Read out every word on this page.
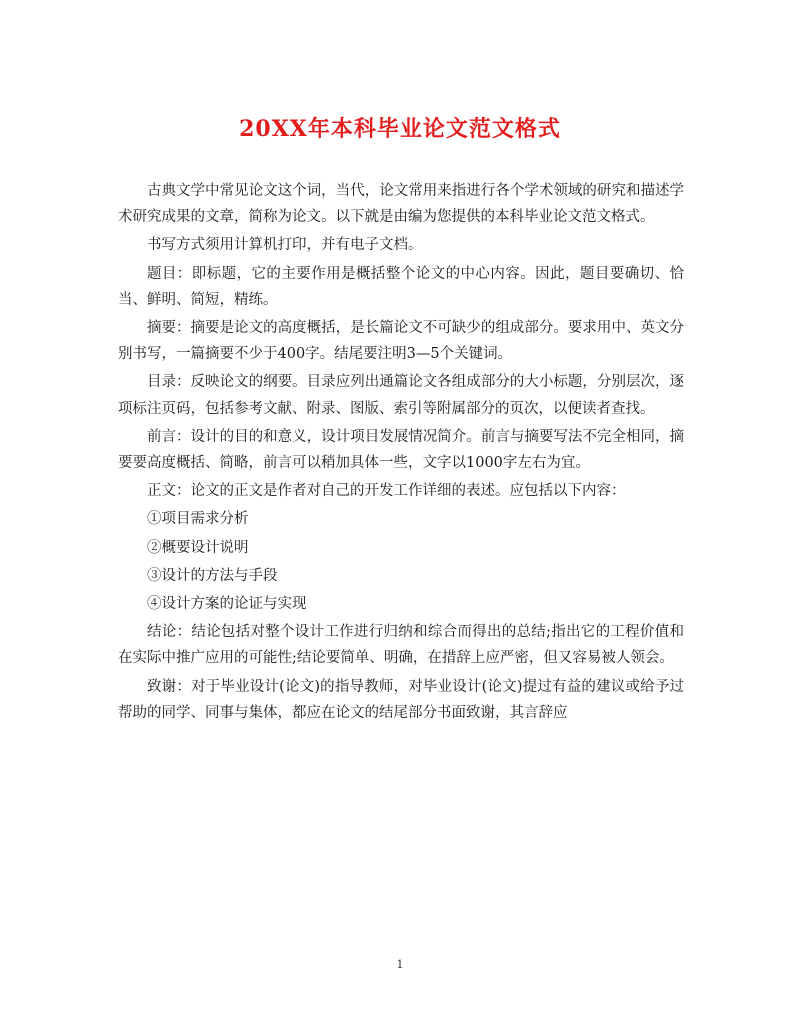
20XX年本科毕业论文范文格式

古典文学中常见论文这个词，当代，论文常用来指进行各个学术领域的研究和描述学术研究成果的文章，简称为论文。以下就是由编为您提供的本科毕业论文范文格式。

书写方式须用计算机打印，并有电子文档。

题目：即标题，它的主要作用是概括整个论文的中心内容。因此，题目要确切、恰当、鲜明、简短，精练。

摘要：摘要是论文的高度概括，是长篇论文不可缺少的组成部分。要求用中、英文分别书写，一篇摘要不少于400字。结尾要注明3—5个关键词。

目录：反映论文的纲要。目录应列出通篇论文各组成部分的大小标题，分别层次，逐项标注页码，包括参考文献、附录、图版、索引等附属部分的页次，以便读者查找。

前言：设计的目的和意义，设计项目发展情况简介。前言与摘要写法不完全相同，摘要要高度概括、简略，前言可以稍加具体一些，文字以1000字左右为宜。

正文：论文的正文是作者对自己的开发工作详细的表述。应包括以下内容：

①项目需求分析

②概要设计说明

③设计的方法与手段

④设计方案的论证与实现

结论：结论包括对整个设计工作进行归纳和综合而得出的总结;指出它的工程价值和在实际中推广应用的可能性;结论要简单、明确，在措辞上应严密，但又容易被人领会。

致谢：对于毕业设计(论文)的指导教师，对毕业设计(论文)提过有益的建议或给予过帮助的同学、同事与集体，都应在论文的结尾部分书面致谢，其言辞应

1
